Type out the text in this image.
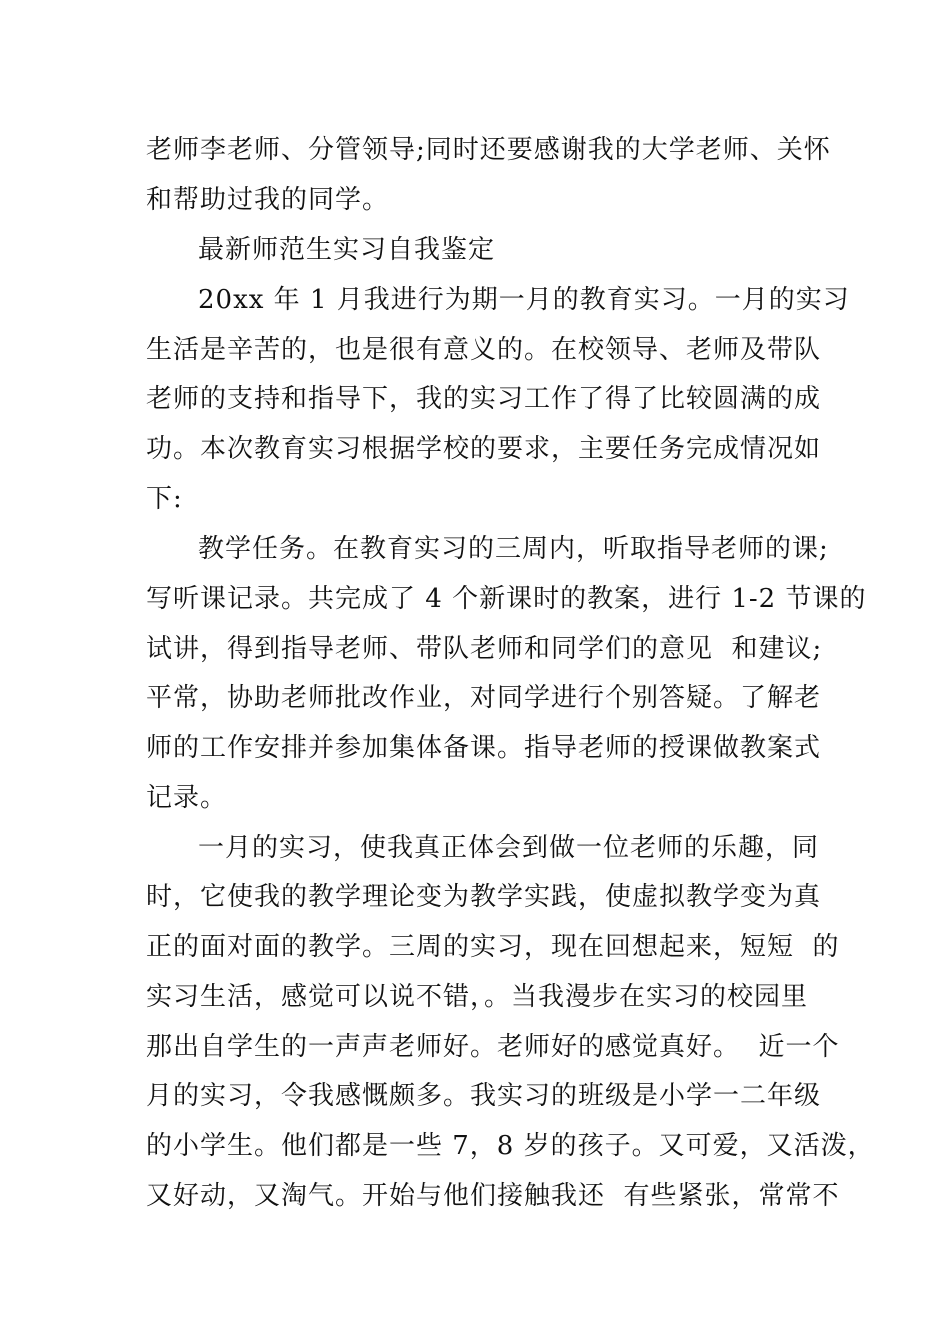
老师李老师、分管领导;同时还要感谢我的大学老师、关怀
和帮助过我的同学。
最新师范生实习自我鉴定
20xx 年 1 月我进行为期一月的教育实习。一月的实习
生活是辛苦的，也是很有意义的。在校领导、老师及带队
老师的支持和指导下，我的实习工作了得了比较圆满的成
功。本次教育实习根据学校的要求，主要任务完成情况如
下:
教学任务。在教育实习的三周内，听取指导老师的课;
写听课记录。共完成了 4 个新课时的教案，进行 1-2 节课的
试讲，得到指导老师、带队老师和同学们的意见  和建议;
平常，协助老师批改作业，对同学进行个别答疑。了解老
师的工作安排并参加集体备课。指导老师的授课做教案式
记录。
一月的实习，使我真正体会到做一位老师的乐趣，同
时，它使我的教学理论变为教学实践，使虚拟教学变为真
正的面对面的教学。三周的实习，现在回想起来，短短  的
实习生活，感觉可以说不错，。当我漫步在实习的校园里
那出自学生的一声声老师好。老师好的感觉真好。  近一个
月的实习，令我感慨颇多。我实习的班级是小学一二年级
的小学生。他们都是一些 7，8 岁的孩子。又可爱，又活泼，
又好动，又淘气。开始与他们接触我还  有些紧张，常常不
